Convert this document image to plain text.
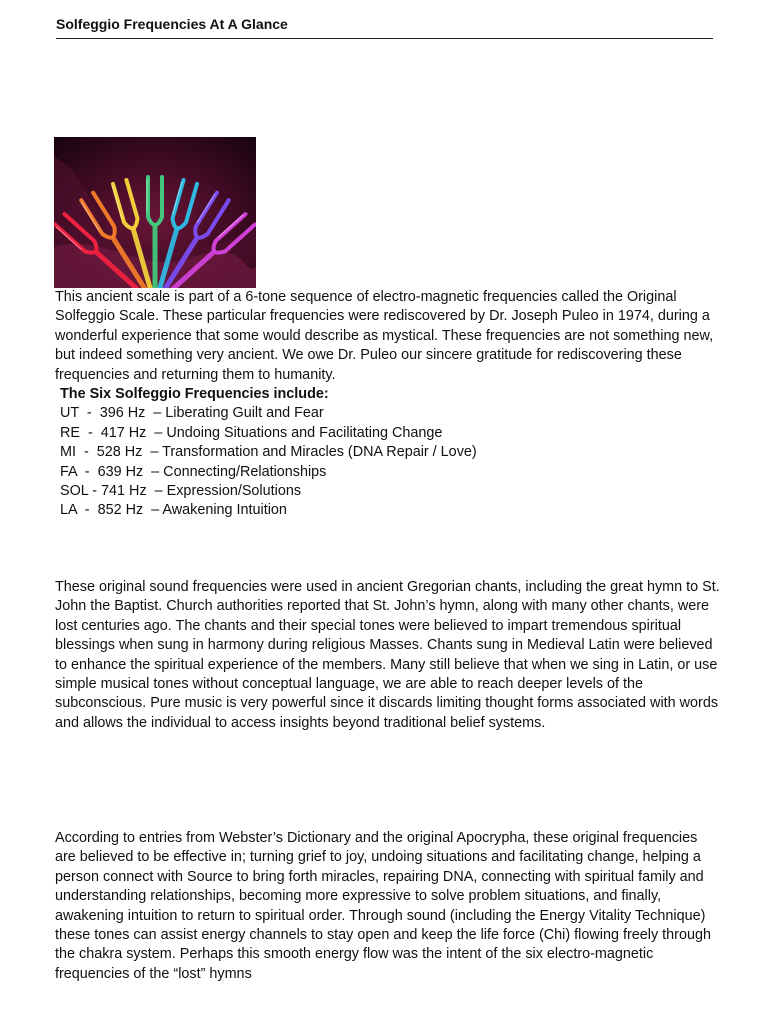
Solfeggio Frequencies At A Glance

This ancient scale is part of a 6-tone sequence of electro-magnetic frequencies called the Original Solfeggio Scale. These particular frequencies were rediscovered by Dr. Joseph Puleo in 1974, during a wonderful experience that some would describe as mystical. These frequencies are not something new, but indeed something very ancient. We owe Dr. Puleo our sincere gratitude for rediscovering these frequencies and returning them to humanity.

The Six Solfeggio Frequencies include:
UT  -  396 Hz  – Liberating Guilt and Fear
RE  -  417 Hz  – Undoing Situations and Facilitating Change
MI  -  528 Hz  – Transformation and Miracles (DNA Repair / Love)
FA  -  639 Hz  – Connecting/Relationships
SOL - 741 Hz  – Expression/Solutions
LA  -  852 Hz  – Awakening Intuition

These original sound frequencies were used in ancient Gregorian chants, including the great hymn to St. John the Baptist. Church authorities reported that St. John’s hymn, along with many other chants, were lost centuries ago. The chants and their special tones were believed to impart tremendous spiritual blessings when sung in harmony during religious Masses. Chants sung in Medieval Latin were believed to enhance the spiritual experience of the members. Many still believe that when we sing in Latin, or use simple musical tones without conceptual language, we are able to reach deeper levels of the subconscious. Pure music is very powerful since it discards limiting thought forms associated with words and allows the individual to access insights beyond traditional belief systems.

According to entries from Webster’s Dictionary and the original Apocrypha, these original frequencies are believed to be effective in; turning grief to joy, undoing situations and facilitating change, helping a person connect with Source to bring forth miracles, repairing DNA, connecting with spiritual family and understanding relationships, becoming more expressive to solve problem situations, and finally, awakening intuition to return to spiritual order. Through sound (including the Energy Vitality Technique) these tones can assist energy channels to stay open and keep the life force (Chi) flowing freely through the chakra system. Perhaps this smooth energy flow was the intent of the six electro-magnetic frequencies of the “lost” hymns
